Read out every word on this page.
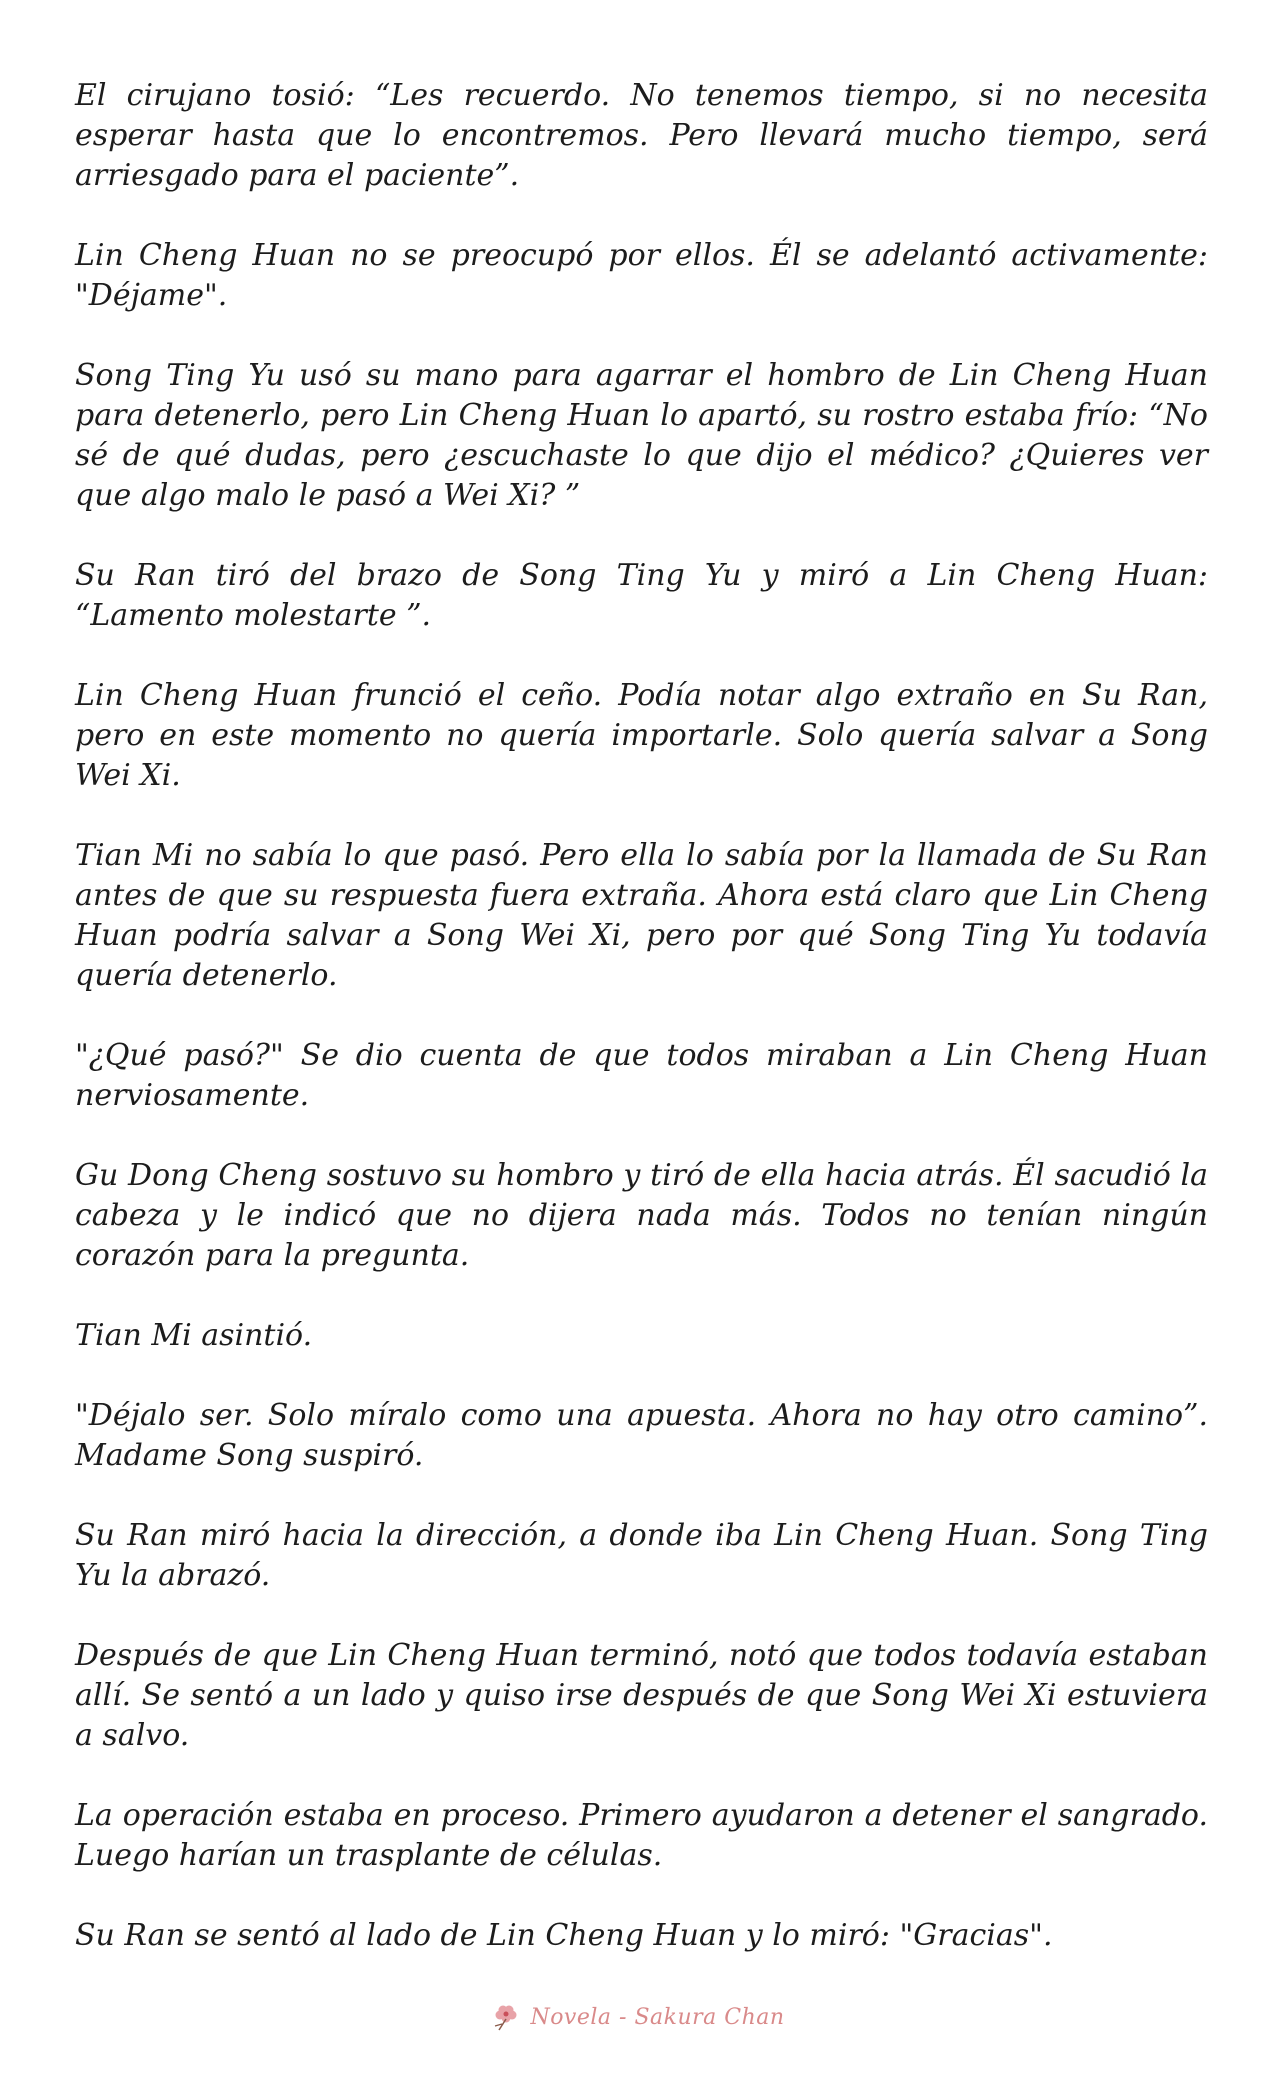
El cirujano tosió: “Les recuerdo. No tenemos tiempo, si no necesita esperar hasta que lo encontremos. Pero llevará mucho tiempo, será arriesgado para el paciente”.

Lin Cheng Huan no se preocupó por ellos. Él se adelantó activamente: "Déjame".

Song Ting Yu usó su mano para agarrar el hombro de Lin Cheng Huan para detenerlo, pero Lin Cheng Huan lo apartó, su rostro estaba frío: “No sé de qué dudas, pero ¿escuchaste lo que dijo el médico? ¿Quieres ver que algo malo le pasó a Wei Xi? ”

Su Ran tiró del brazo de Song Ting Yu y miró a Lin Cheng Huan: “Lamento molestarte ”.

Lin Cheng Huan frunció el ceño. Podía notar algo extraño en Su Ran, pero en este momento no quería importarle. Solo quería salvar a Song Wei Xi.

Tian Mi no sabía lo que pasó. Pero ella lo sabía por la llamada de Su Ran antes de que su respuesta fuera extraña. Ahora está claro que Lin Cheng Huan podría salvar a Song Wei Xi, pero por qué Song Ting Yu todavía quería detenerlo.

"¿Qué pasó?" Se dio cuenta de que todos miraban a Lin Cheng Huan nerviosamente.

Gu Dong Cheng sostuvo su hombro y tiró de ella hacia atrás. Él sacudió la cabeza y le indicó que no dijera nada más. Todos no tenían ningún corazón para la pregunta.

Tian Mi asintió.

"Déjalo ser. Solo míralo como una apuesta. Ahora no hay otro camino”. Madame Song suspiró.

Su Ran miró hacia la dirección, a donde iba Lin Cheng Huan. Song Ting Yu la abrazó.

Después de que Lin Cheng Huan terminó, notó que todos todavía estaban allí. Se sentó a un lado y quiso irse después de que Song Wei Xi estuviera a salvo.

La operación estaba en proceso. Primero ayudaron a detener el sangrado. Luego harían un trasplante de células.

Su Ran se sentó al lado de Lin Cheng Huan y lo miró: "Gracias".

Novela - Sakura Chan
